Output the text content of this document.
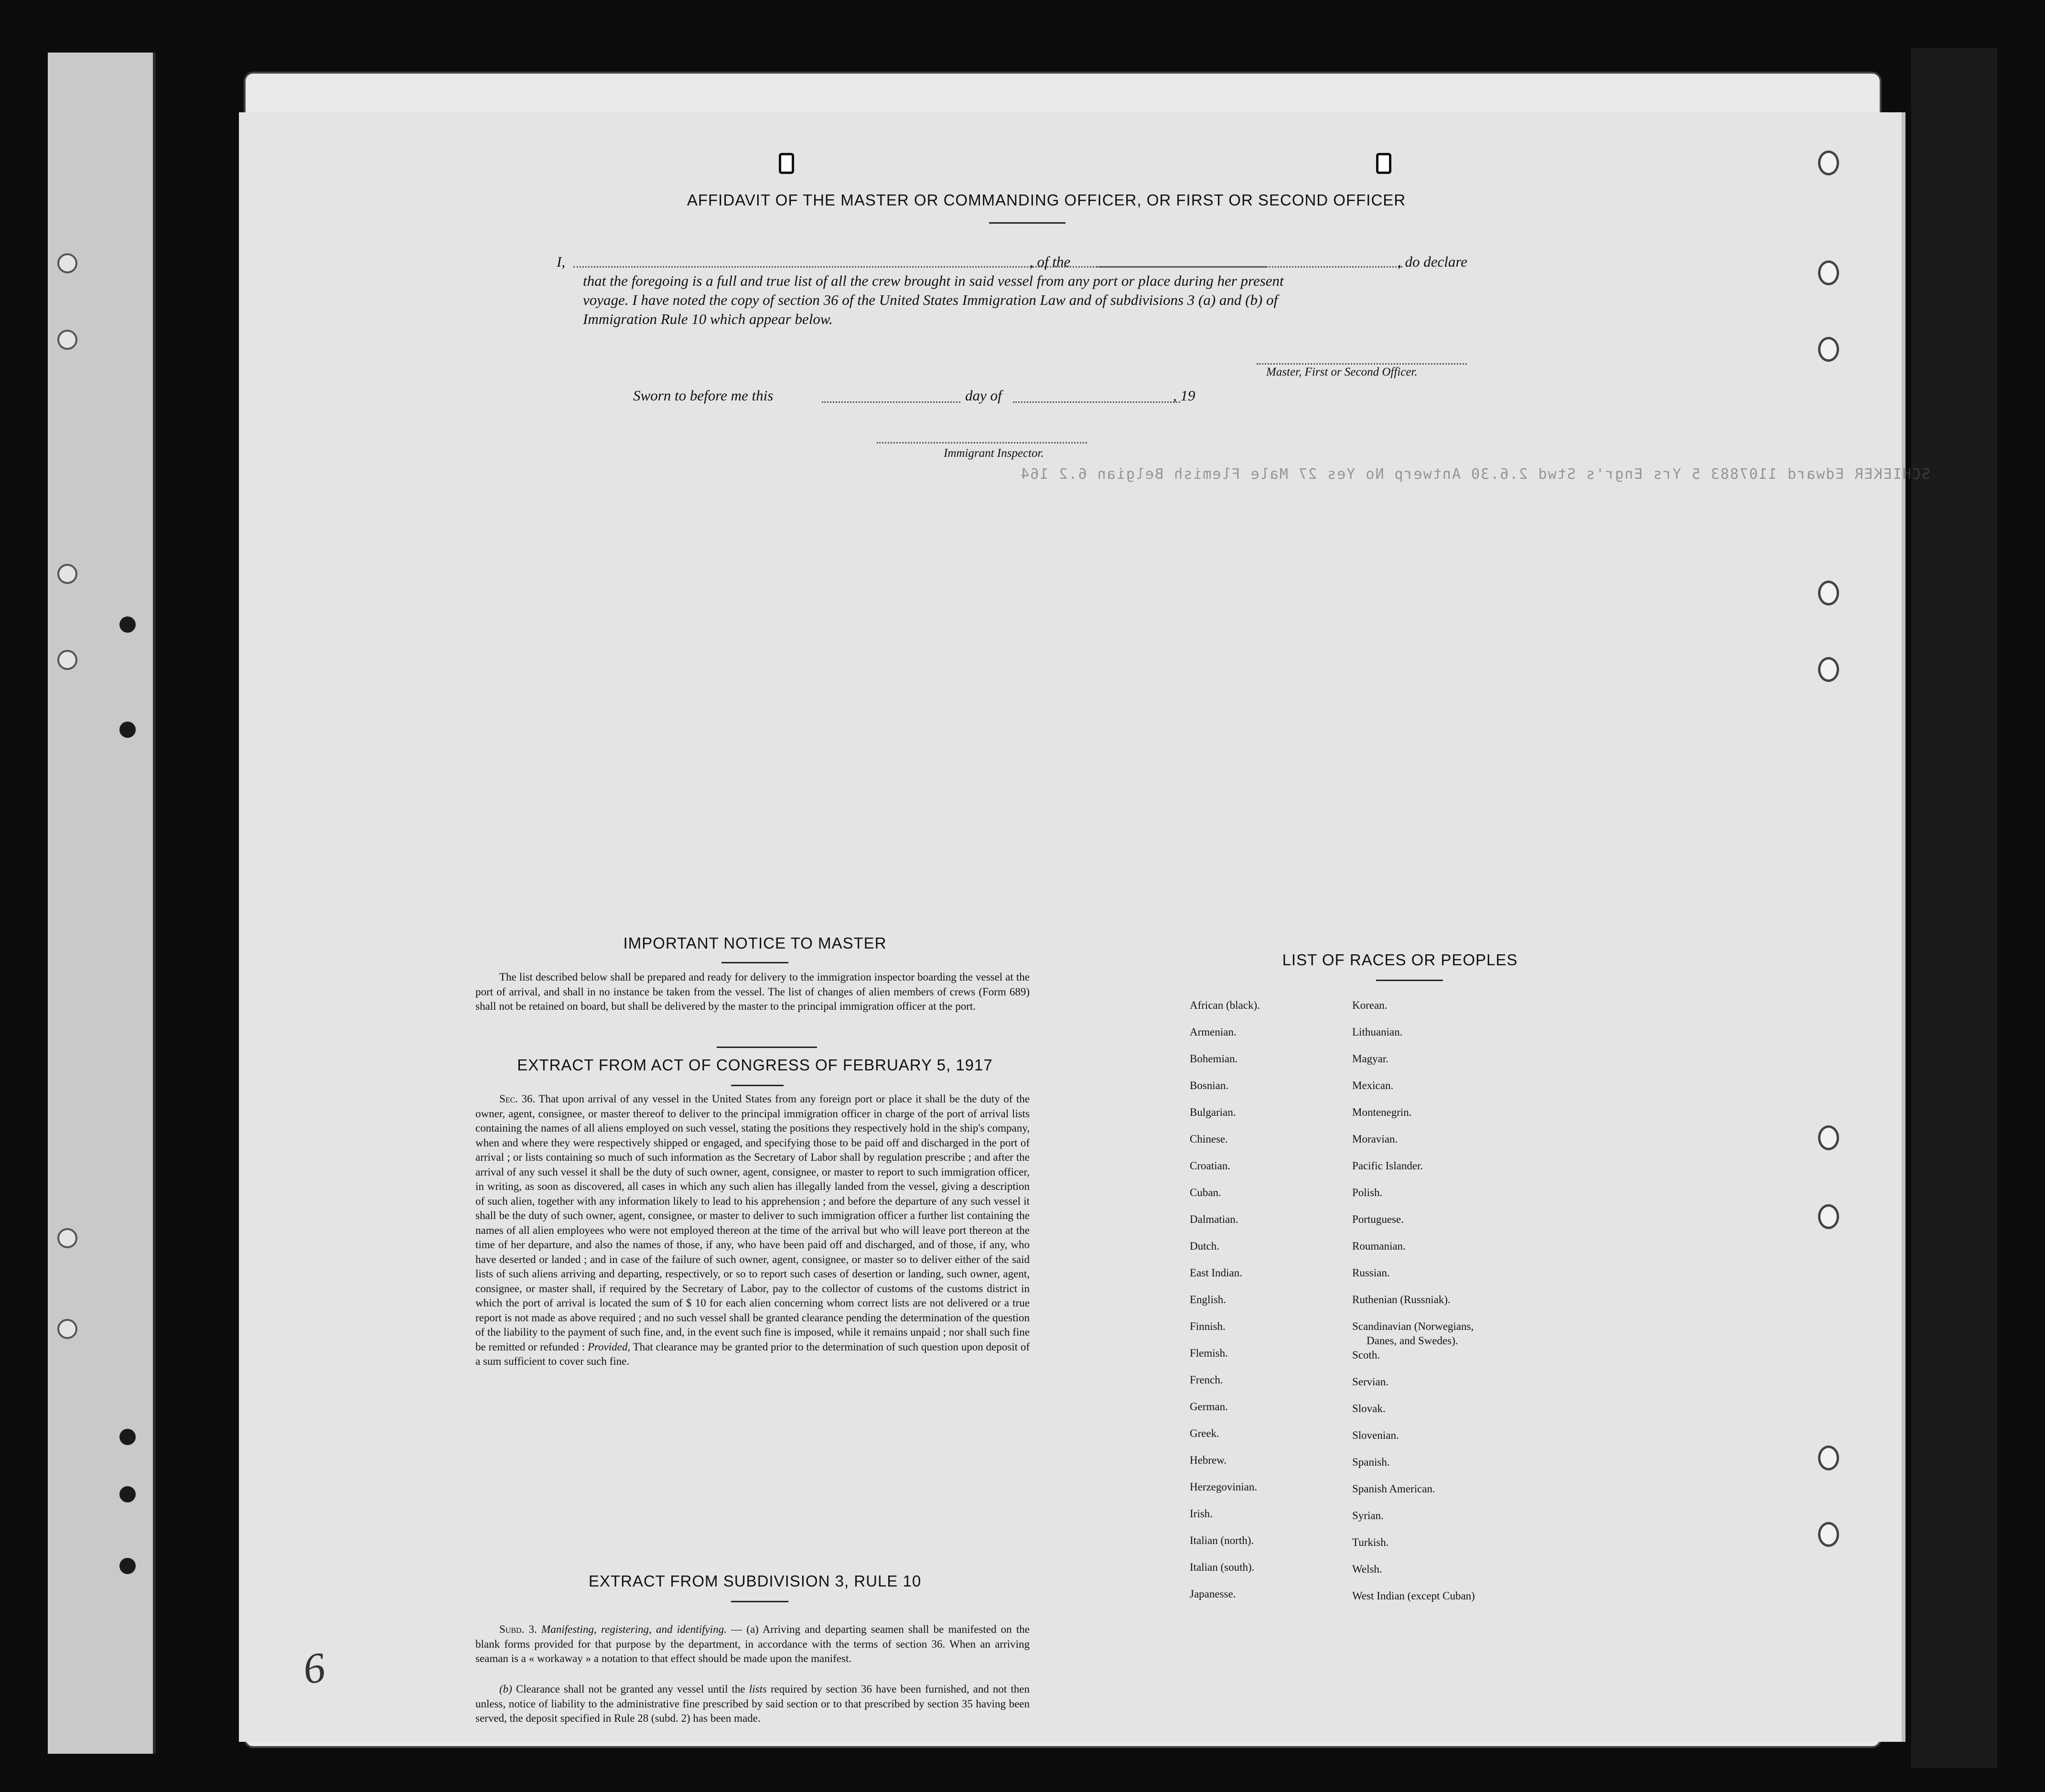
SCHIEKER Edward 1107883 5 Yrs Engr's Stwd 2.6.30 Antwerp No Yes 27 Male Flemish Belgian 6.2 164
AFFIDAVIT OF THE MASTER OR COMMANDING OFFICER, OR FIRST OR SECOND OFFICER
I,	, of the	, do declare
that the foregoing is a full and true list of all the crew brought in said vessel from any port or place during her present
voyage. I have noted the copy of section 36 of the United States Immigration Law and of subdivisions 3 (a) and (b) of
Immigration Rule 10 which appear below.
Master, First or Second Officer.
Sworn to before me this	day of	, 19
Immigrant Inspector.
IMPORTANT NOTICE TO MASTER
The list described below shall be prepared and ready for delivery to the immigration inspector boarding the vessel at the port of arrival, and shall in no instance be taken from the vessel. The list of changes of alien members of crews (Form 689) shall not be retained on board, but shall be delivered by the master to the principal immigration officer at the port.
EXTRACT FROM ACT OF CONGRESS OF FEBRUARY 5, 1917
Sec. 36. That upon arrival of any vessel in the United States from any foreign port or place it shall be the duty of the owner, agent, consignee, or master thereof to deliver to the principal immigration officer in charge of the port of arrival lists containing the names of all aliens employed on such vessel, stating the positions they respectively hold in the ship's company, when and where they were respectively shipped or engaged, and specifying those to be paid off and discharged in the port of arrival ; or lists containing so much of such information as the Secretary of Labor shall by regulation prescribe ; and after the arrival of any such vessel it shall be the duty of such owner, agent, consignee, or master to report to such immigration officer, in writing, as soon as discovered, all cases in which any such alien has illegally landed from the vessel, giving a description of such alien, together with any information likely to lead to his apprehension ; and before the departure of any such vessel it shall be the duty of such owner, agent, consignee, or master to deliver to such immigration officer a further list containing the names of all alien employees who were not employed thereon at the time of the arrival but who will leave port thereon at the time of her departure, and also the names of those, if any, who have been paid off and discharged, and of those, if any, who have deserted or landed ; and in case of the failure of such owner, agent, consignee, or master so to deliver either of the said lists of such aliens arriving and departing, respectively, or so to report such cases of desertion or landing, such owner, agent, consignee, or master shall, if required by the Secretary of Labor, pay to the collector of customs of the customs district in which the port of arrival is located the sum of $ 10 for each alien concerning whom correct lists are not delivered or a true report is not made as above required ; and no such vessel shall be granted clearance pending the determination of the question of the liability to the payment of such fine, and, in the event such fine is imposed, while it remains unpaid ; nor shall such fine be remitted or refunded : Provided, That clearance may be granted prior to the determination of such question upon deposit of a sum sufficient to cover such fine.
EXTRACT FROM SUBDIVISION 3, RULE 10
Subd. 3. Manifesting, registering, and identifying. — (a) Arriving and departing seamen shall be manifested on the blank forms provided for that purpose by the department, in accordance with the terms of section 36. When an arriving seaman is a « workaway » a notation to that effect should be made upon the manifest.
(b) Clearance shall not be granted any vessel until the lists required by section 36 have been furnished, and not then unless, notice of liability to the administrative fine prescribed by said section or to that prescribed by section 35 having been served, the deposit specified in Rule 28 (subd. 2) has been made.
LIST OF RACES OR PEOPLES
African (black).
Armenian.
Bohemian.
Bosnian.
Bulgarian.
Chinese.
Croatian.
Cuban.
Dalmatian.
Dutch.
East Indian.
English.
Finnish.
Flemish.
French.
German.
Greek.
Hebrew.
Herzegovinian.
Irish.
Italian (north).
Italian (south).
Japanesse.
Korean.
Lithuanian.
Magyar.
Mexican.
Montenegrin.
Moravian.
Pacific Islander.
Polish.
Portuguese.
Roumanian.
Russian.
Ruthenian (Russniak).
Scandinavian (Norwegians,
Danes, and Swedes).
Scoth.
Servian.
Slovak.
Slovenian.
Spanish.
Spanish American.
Syrian.
Turkish.
Welsh.
West Indian (except Cuban)
6
